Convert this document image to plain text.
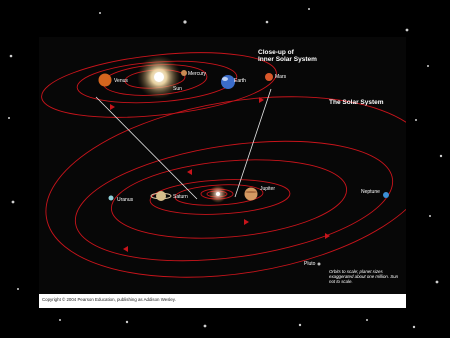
Close-up of
Inner Solar System
The Solar System
Venus
Sun
Mercury
Earth
Mars
Jupiter
Saturn
Uranus
Neptune
Pluto
Orbits to scale; planet sizes exaggerated about one million. Sun not to scale.
Copyright © 2004 Pearson Education, publishing as Addison Wesley.
